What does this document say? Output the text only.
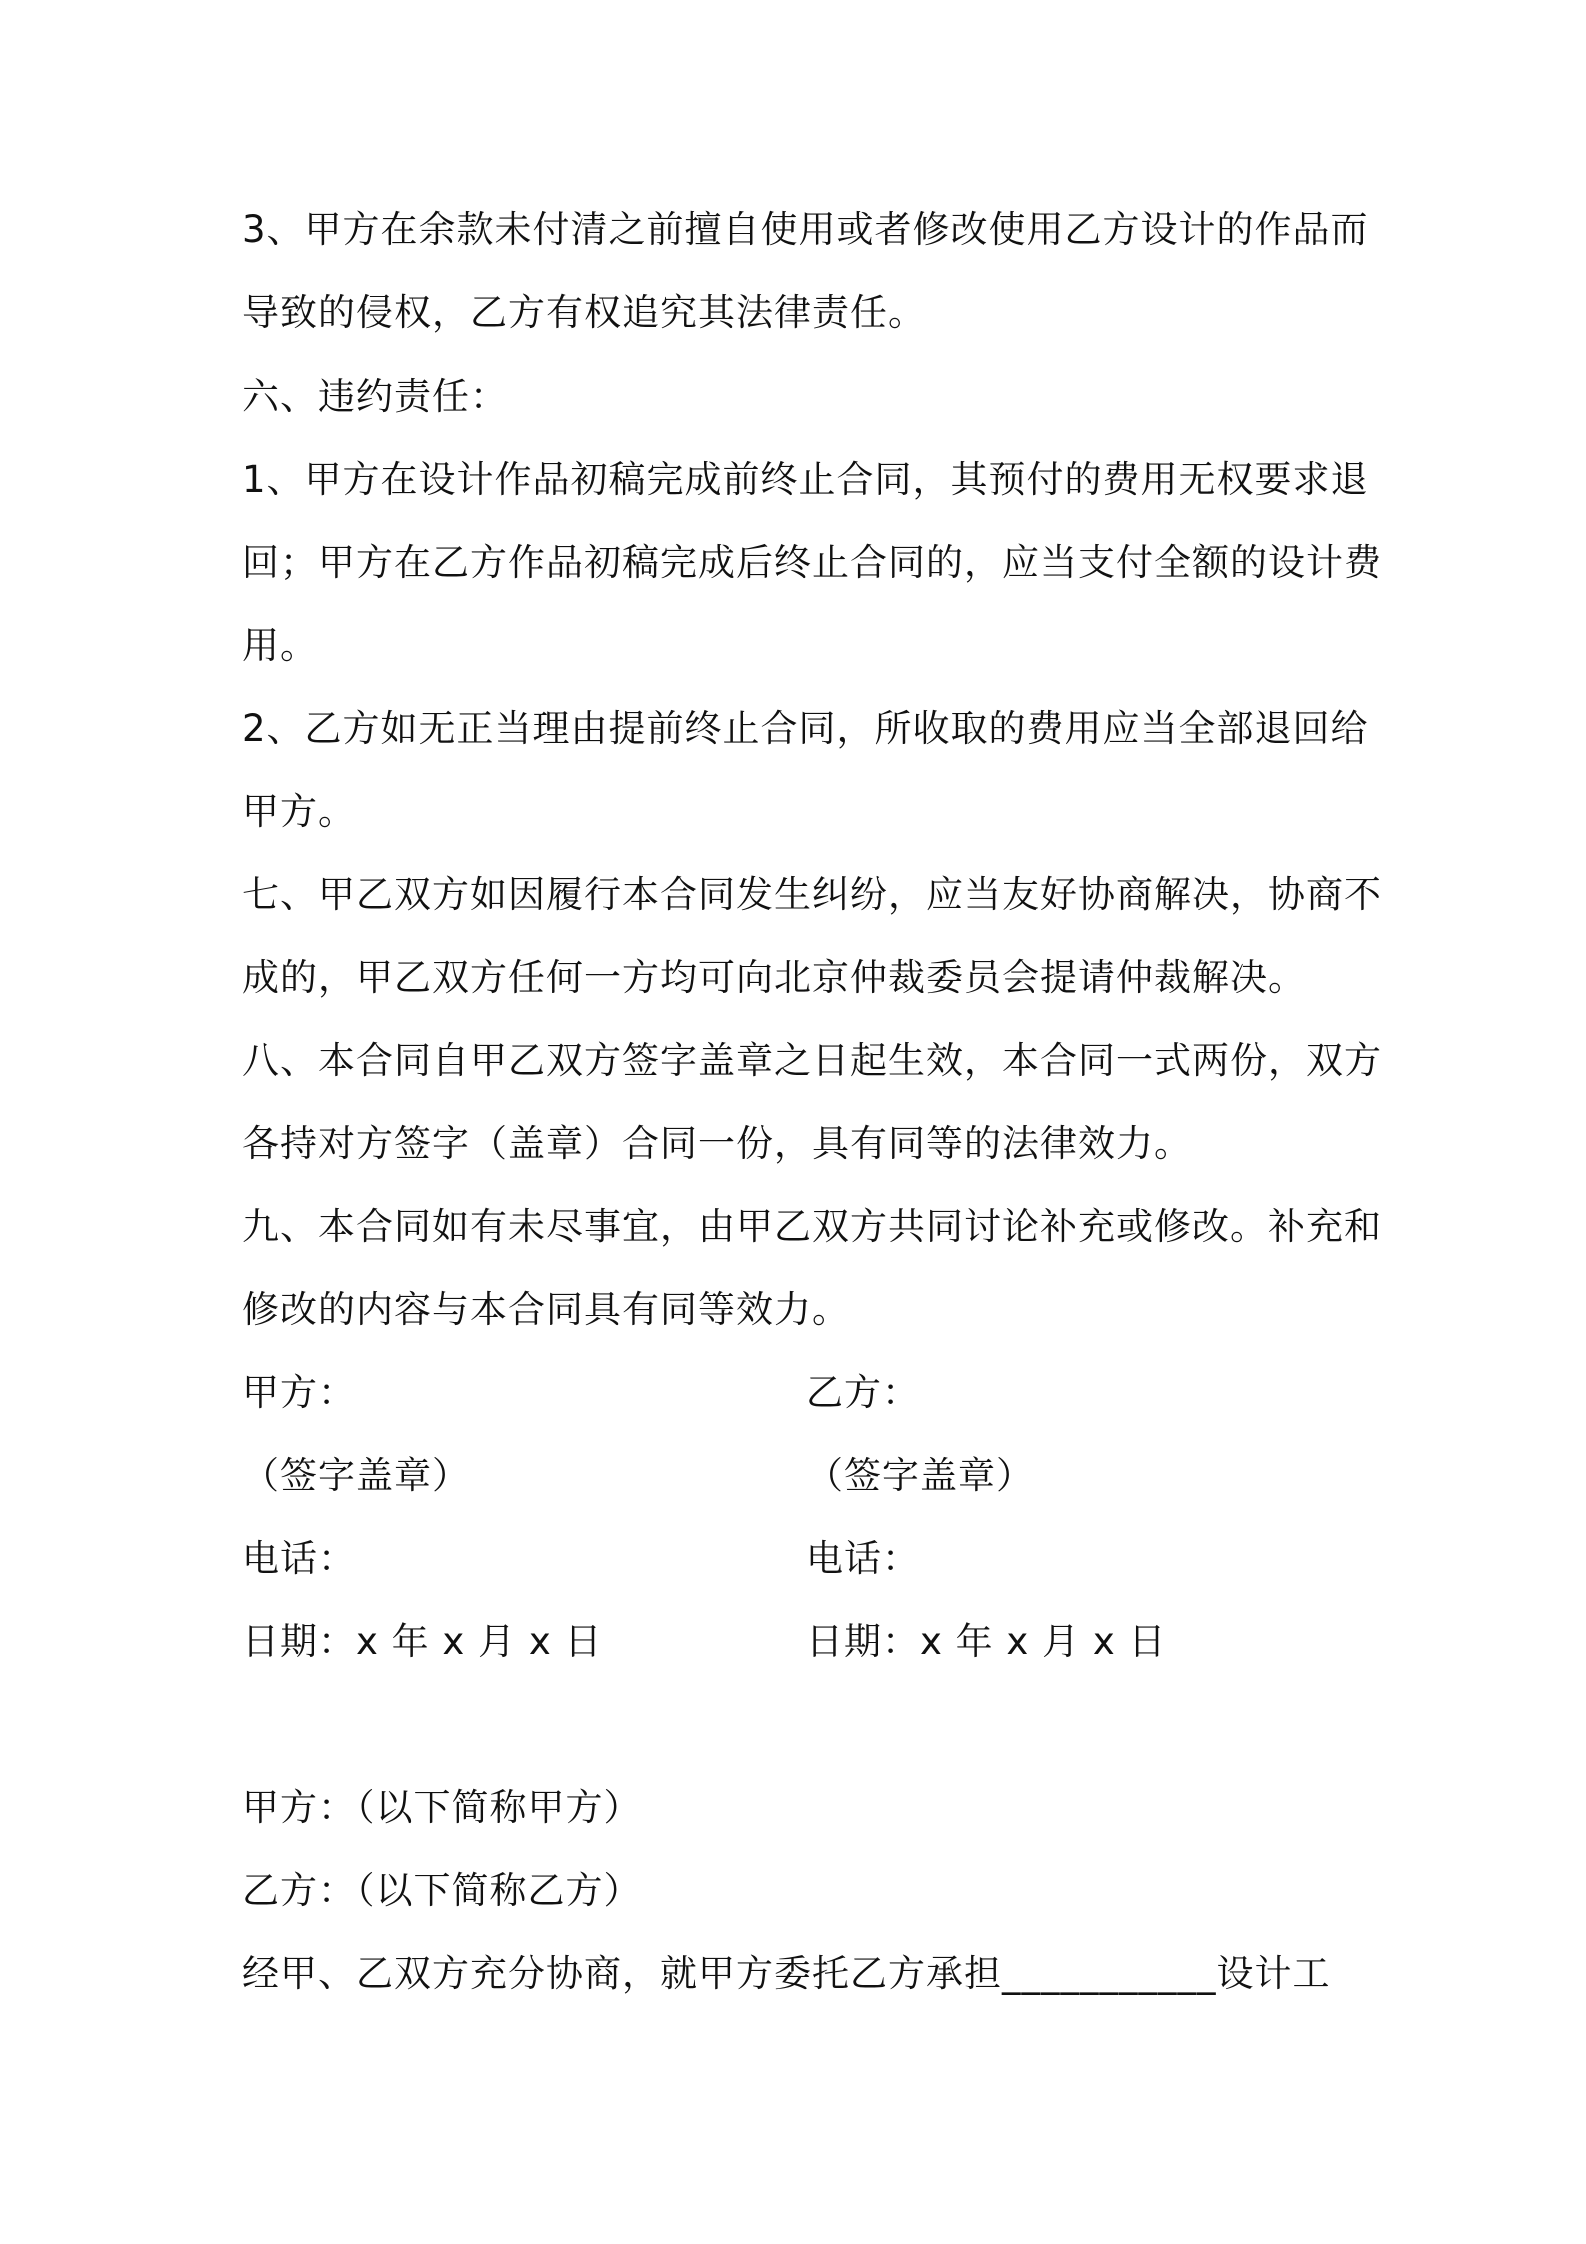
3、甲方在余款未付清之前擅自使用或者修改使用乙方设计的作品而
导致的侵权，乙方有权追究其法律责任。
六、违约责任：
1、甲方在设计作品初稿完成前终止合同，其预付的费用无权要求退
回；甲方在乙方作品初稿完成后终止合同的，应当支付全额的设计费
用。
2、乙方如无正当理由提前终止合同，所收取的费用应当全部退回给
甲方。
七、甲乙双方如因履行本合同发生纠纷，应当友好协商解决，协商不
成的，甲乙双方任何一方均可向北京仲裁委员会提请仲裁解决。
八、本合同自甲乙双方签字盖章之日起生效，本合同一式两份，双方
各持对方签字（盖章）合同一份，具有同等的法律效力。
九、本合同如有未尽事宜，由甲乙双方共同讨论补充或修改。补充和
修改的内容与本合同具有同等效力。
甲方：	乙方：
（签字盖章）	（签字盖章）
电话：	电话：
日期：x 年 x 月 x 日	日期：x 年 x 月 x 日
甲方：（以下简称甲方）
乙方：（以下简称乙方）
经甲、乙双方充分协商，就甲方委托乙方承担___________设计工
